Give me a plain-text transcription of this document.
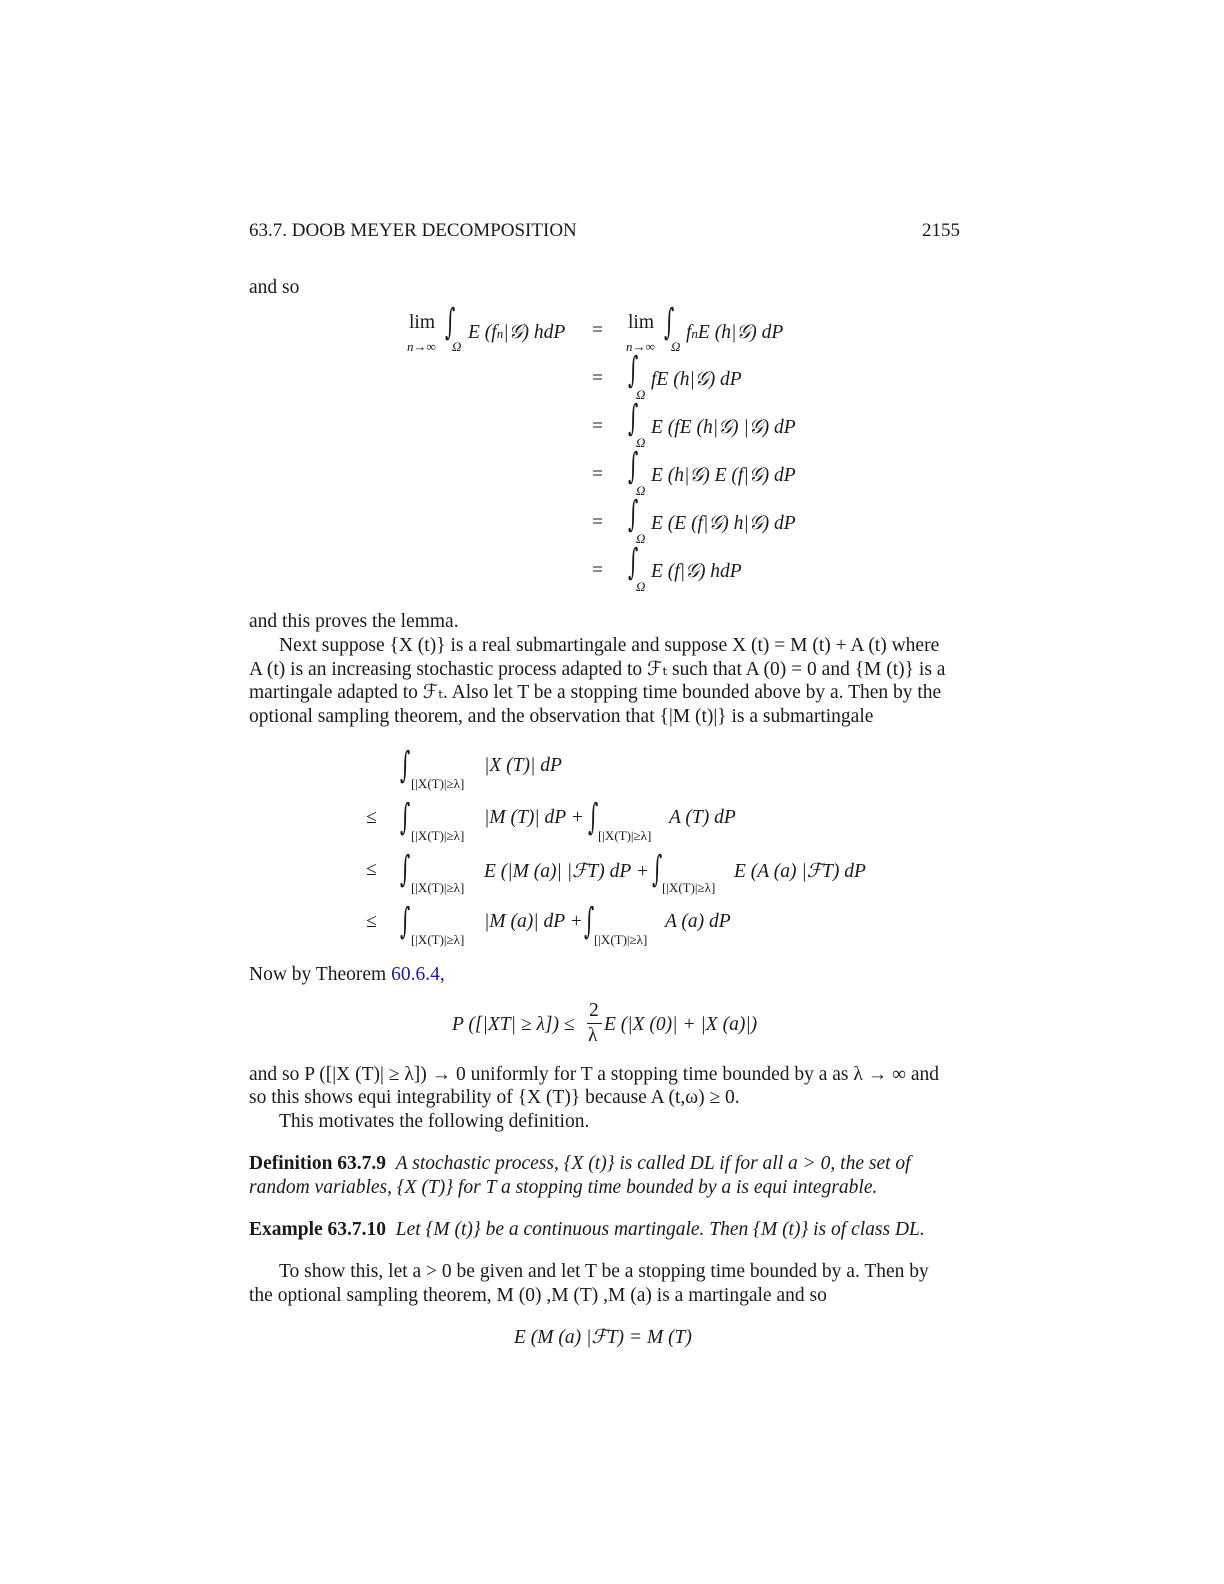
63.7. DOOB MEYER DECOMPOSITION	2155
and so
lim
n→∞
∫
Ω
E (fn|𝒢) hdP =
=
=
=
=
=
lim
n→∞
∫
Ω
fnE (h|𝒢) dP
∫
Ω
fE (h|𝒢) dP
∫
Ω
E (fE (h|𝒢) |𝒢) dP
∫
Ω
E (h|𝒢) E (f|𝒢) dP
∫
Ω
E (E (f|𝒢) h|𝒢) dP
∫
Ω
E (f|𝒢) hdP
and this proves the lemma.
Next suppose {X (t)} is a real submartingale and suppose X (t) = M (t) + A (t) where
A (t) is an increasing stochastic process adapted to ℱₜ such that A (0) = 0 and {M (t)} is a
martingale adapted to ℱₜ. Also let T be a stopping time bounded above by a. Then by the
optional sampling theorem, and the observation that {|M (t)|} is a submartingale
∫ [|X(T)|≥λ]
|X (T)| dP
≤ ∫ [|X(T)|≥λ]
|M (T)| dP + ∫ [|X(T)|≥λ]
A (T) dP
≤ ∫ [|X(T)|≥λ]
E (|M (a)| |ℱT) dP + ∫ [|X(T)|≥λ]
E (A (a) |ℱT) dP
≤ ∫ [|X(T)|≥λ]
|M (a)| dP + ∫ [|X(T)|≥λ]
A (a) dP
Now by Theorem 60.6.4,
P ([|XT| ≥ λ]) ≤
2
λ
E (|X (0)| + |X (a)|)
and so P ([|X (T)| ≥ λ]) → 0 uniformly for T a stopping time bounded by a as λ → ∞ and
so this shows equi integrability of {X (T)} because A (t,ω) ≥ 0.
This motivates the following definition.
Definition 63.7.9 A stochastic process, {X (t)} is called DL if for all a > 0, the set of
random variables, {X (T)} for T a stopping time bounded by a is equi integrable.
Example 63.7.10 Let {M (t)} be a continuous martingale. Then {M (t)} is of class DL.
To show this, let a > 0 be given and let T be a stopping time bounded by a. Then by
the optional sampling theorem, M (0) ,M (T) ,M (a) is a martingale and so
E (M (a) |ℱT) = M (T)
